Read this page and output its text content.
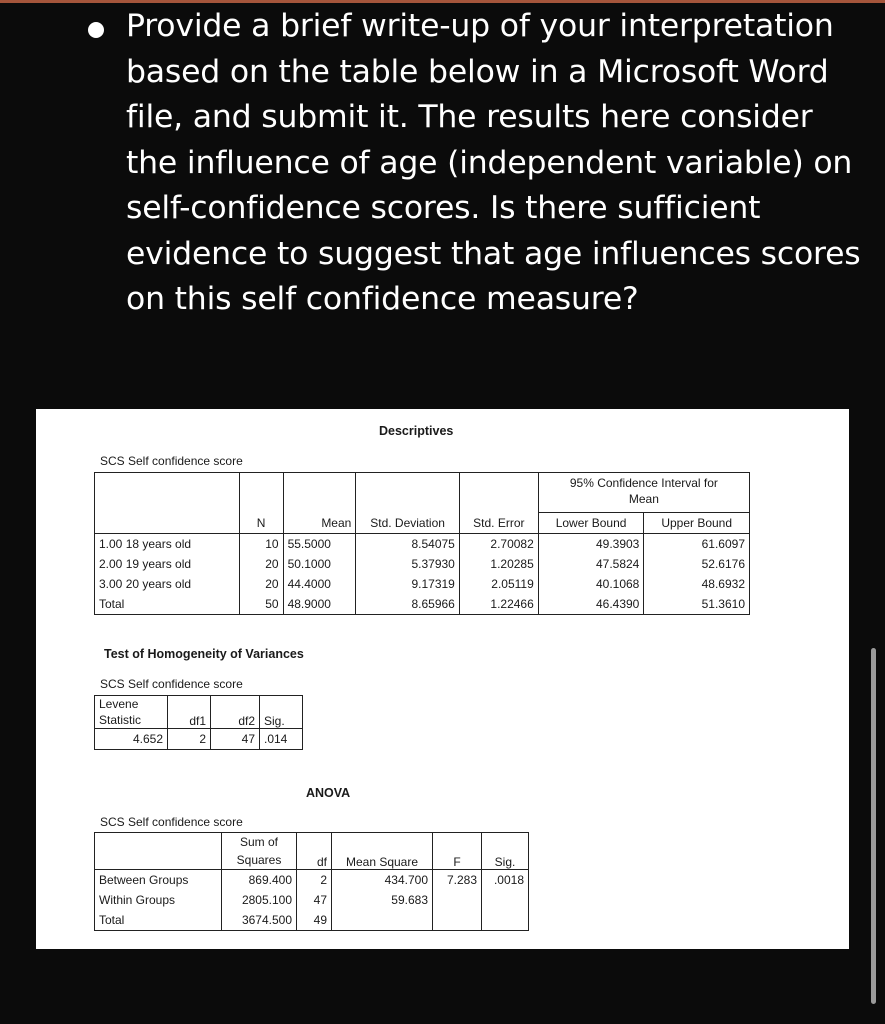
Provide a brief write-up of your interpretation
based on the table below in a Microsoft Word
file, and submit it. The results here consider
the influence of age (independent variable) on
self-confidence scores. Is there sufficient
evidence to suggest that age influences scores
on this self confidence measure?
Descriptives
SCS Self confidence score

					95% Confidence Interval for
Mean	

	N	Mean	Std. Deviation	Std. Error	Lower Bound	Upper Bound
1.00 18 years old	10	55.5000	8.54075	2.70082	49.3903	61.6097
2.00 19 years old	20	50.1000	5.37930	1.20285	47.5824	52.6176
3.00 20 years old	20	44.4000	9.17319	2.05119	40.1068	48.6932
Total	50	48.9000	8.65966	1.22466	46.4390	51.3610
Test of Homogeneity of Variances
SCS Self confidence score
Levene
Statistic	df1	df2	Sig.
4.652	2	47	.014
ANOVA
SCS Self confidence score

	Sum of
Squares	df	Mean Square	F	Sig.
Between Groups	869.400	2	434.700	7.283	.0018
Within Groups	2805.100	47	59.683		
Total	3674.500	49			
